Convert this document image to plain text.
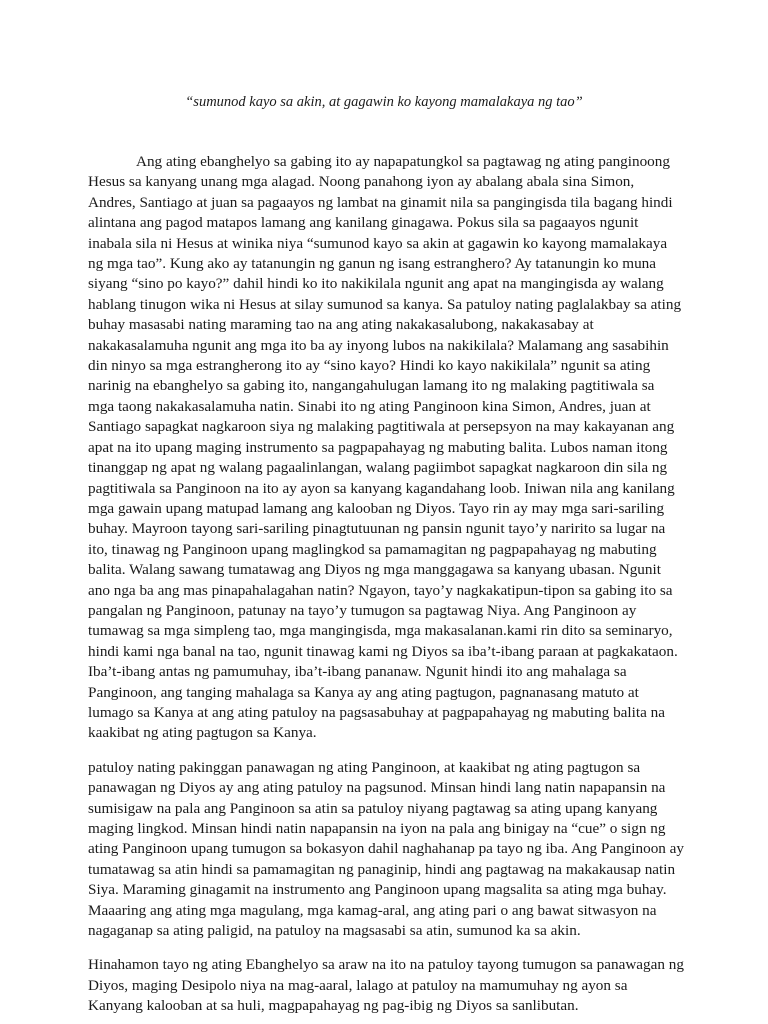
“sumunod kayo sa akin, at gagawin ko kayong mamalakaya ng tao”

Ang ating ebanghelyo sa gabing ito ay napapatungkol sa pagtawag ng ating panginoong Hesus sa kanyang unang mga alagad. Noong panahong iyon ay abalang abala sina Simon, Andres, Santiago at juan sa pagaayos ng lambat na ginamit nila sa pangingisda tila bagang hindi alintana ang pagod matapos lamang ang kanilang ginagawa. Pokus sila sa pagaayos ngunit inabala sila ni Hesus at winika niya “sumunod kayo sa akin at gagawin ko kayong mamalakaya ng mga tao”. Kung ako ay tatanungin ng ganun ng isang estranghero? Ay tatanungin ko muna siyang “sino po kayo?” dahil hindi ko ito nakikilala ngunit ang apat na mangingisda ay walang hablang tinugon wika ni Hesus at silay sumunod sa kanya. Sa patuloy nating paglalakbay sa ating buhay masasabi nating maraming tao na ang ating nakakasalubong, nakakasabay at nakakasalamuha ngunit ang mga ito ba ay inyong lubos na nakikilala? Malamang ang sasabihin din ninyo sa mga estrangherong ito ay “sino kayo? Hindi ko kayo nakikilala” ngunit sa ating narinig na ebanghelyo sa gabing ito, nangangahulugan lamang ito ng malaking pagtitiwala sa mga taong nakakasalamuha natin. Sinabi ito ng ating Panginoon kina Simon, Andres, juan at Santiago sapagkat nagkaroon siya ng malaking pagtitiwala at persepsyon na may kakayanan ang apat na ito upang maging instrumento sa pagpapahayag ng mabuting balita. Lubos naman itong tinanggap ng apat ng walang pagaalinlangan, walang pagiimbot sapagkat nagkaroon din sila ng pagtitiwala sa Panginoon na ito ay ayon sa kanyang kagandahang loob. Iniwan nila ang kanilang mga gawain upang matupad lamang ang kalooban ng Diyos. Tayo rin ay may mga sari-sariling buhay. Mayroon tayong sari-sariling pinagtutuunan ng pansin ngunit tayo’y naririto sa lugar na ito, tinawag ng Panginoon upang maglingkod sa pamamagitan ng pagpapahayag ng mabuting balita. Walang sawang tumatawag ang Diyos ng mga manggagawa sa kanyang ubasan. Ngunit ano nga ba ang mas pinapahalagahan natin? Ngayon, tayo’y nagkakatipun-tipon sa gabing ito sa pangalan ng Panginoon, patunay na tayo’y tumugon sa pagtawag Niya. Ang Panginoon ay tumawag sa mga simpleng tao, mga mangingisda, mga makasalanan.kami rin dito sa seminaryo, hindi kami nga banal na tao, ngunit tinawag kami ng Diyos sa iba’t-ibang paraan at pagkakataon. Iba’t-ibang antas ng pamumuhay, iba’t-ibang pananaw. Ngunit hindi ito ang mahalaga sa Panginoon, ang tanging mahalaga sa Kanya ay ang ating pagtugon, pagnanasang matuto at lumago sa Kanya at ang ating patuloy na pagsasabuhay at pagpapahayag ng mabuting balita na kaakibat ng ating pagtugon sa Kanya.

patuloy nating pakinggan panawagan ng ating Panginoon, at kaakibat ng ating pagtugon sa panawagan ng Diyos ay ang ating patuloy na pagsunod. Minsan hindi lang natin napapansin na sumisigaw na pala ang Panginoon sa atin sa patuloy niyang pagtawag sa ating upang kanyang maging lingkod. Minsan hindi natin napapansin na iyon na pala ang binigay na “cue” o sign ng ating Panginoon upang tumugon sa bokasyon dahil naghahanap pa tayo ng iba. Ang Panginoon ay tumatawag sa atin hindi sa pamamagitan ng panaginip, hindi ang pagtawag na makakausap natin Siya. Maraming ginagamit na instrumento ang Panginoon upang magsalita sa ating mga buhay. Maaaring ang ating mga magulang, mga kamag-aral, ang ating pari o ang bawat sitwasyon na nagaganap sa ating paligid, na patuloy na magsasabi sa atin, sumunod ka sa akin.

Hinahamon tayo ng ating Ebanghelyo sa araw na ito na patuloy tayong tumugon sa panawagan ng Diyos, maging Desipolo niya na mag-aaral, lalago at patuloy na mamumuhay ng ayon sa Kanyang kalooban at sa huli, magpapahayag ng pag-ibig ng Diyos sa sanlibutan.
